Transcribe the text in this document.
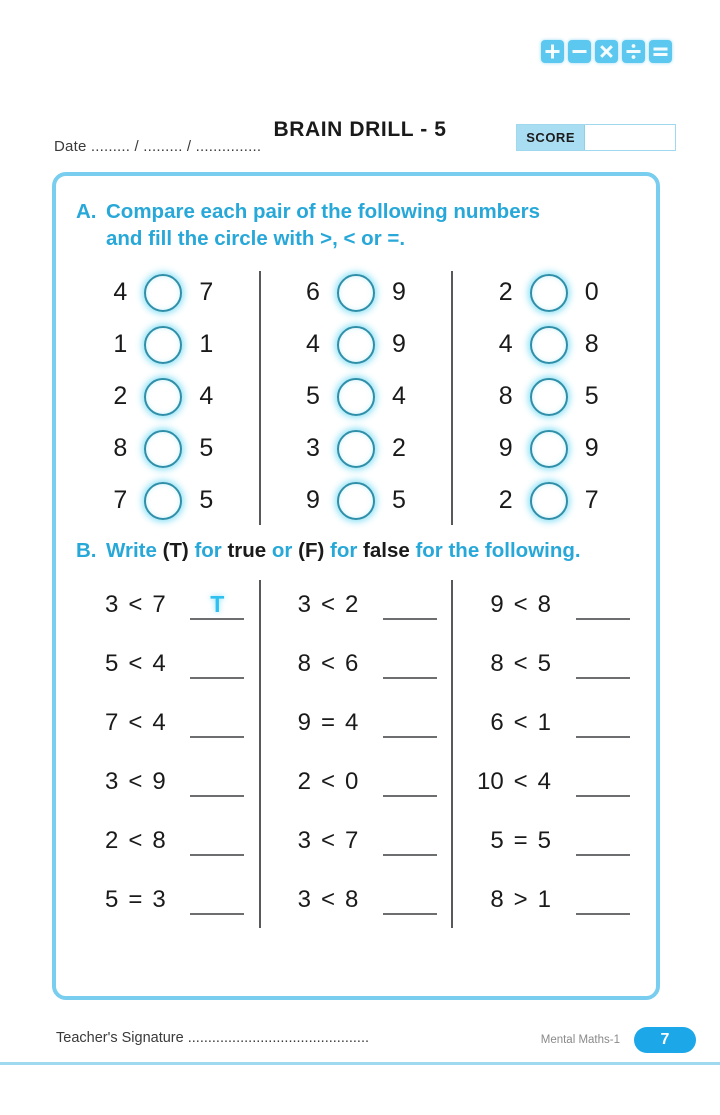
Date ......... / ......... / ...............
BRAIN DRILL - 5	SCORE
A. Compare each pair of the following numbers
and fill the circle with >, < or =.
4	7
1	1
2	4
8	5
7	5
6	9
4	9
5	4
3	2
9	5
2	0
4	8
8	5
9	9
2	7
B. Write (T) for true or (F) for false for the following.
3 < 7	T
5 < 4
7 < 4
3 < 9
2 < 8
5 = 3
3 < 2
8 < 6
9 = 4
2 < 0
3 < 7
3 < 8
9 < 8
8 < 5
6 < 1
10 < 4
5 = 5
8 > 1
Teacher's Signature .............................................	Mental Maths-1	7
